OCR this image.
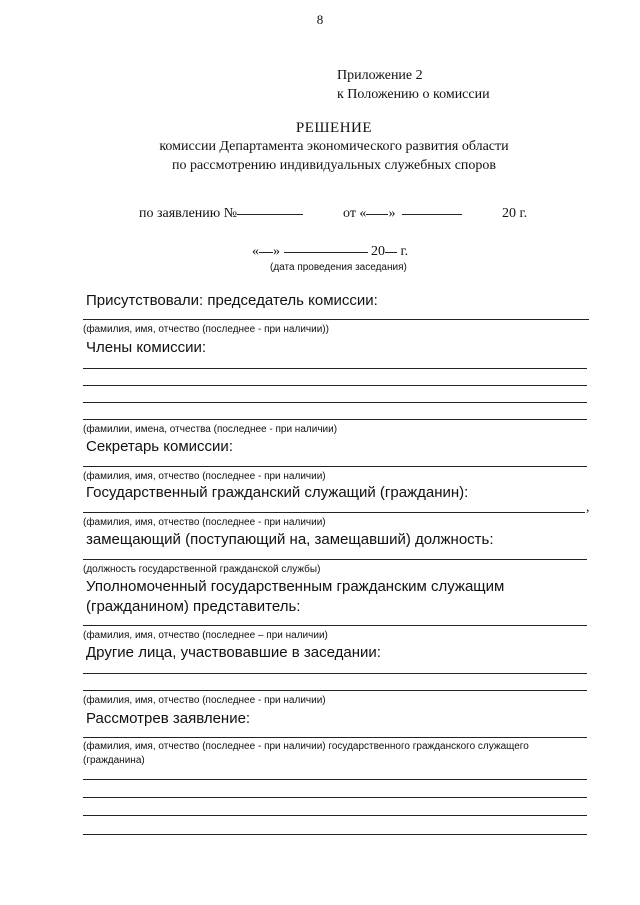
8
Приложение 2
к Положению о комиссии
РЕШЕНИЕ
комиссии Департамента экономического развития области
по рассмотрению индивидуальных служебных споров
по заявлению №	от « »	20 г.
« »	20 г.
(дата проведения заседания)
Присутствовали: председатель комиссии:
(фамилия, имя, отчество (последнее - при наличии))
Члены комиссии:
(фамилии, имена, отчества (последнее - при наличии)
Секретарь комиссии:
(фамилия, имя, отчество (последнее - при наличии)
Государственный гражданский служащий (гражданин):
,
(фамилия, имя, отчество (последнее - при наличии)
замещающий (поступающий на, замещавший) должность:
(должность государственной гражданской службы)
Уполномоченный государственным гражданским служащим
(гражданином) представитель:
(фамилия, имя, отчество (последнее – при наличии)
Другие лица, участвовавшие в заседании:
(фамилия, имя, отчество (последнее - при наличии)
Рассмотрев заявление:
(фамилия, имя, отчество (последнее - при наличии) государственного гражданского служащего
(гражданина)
